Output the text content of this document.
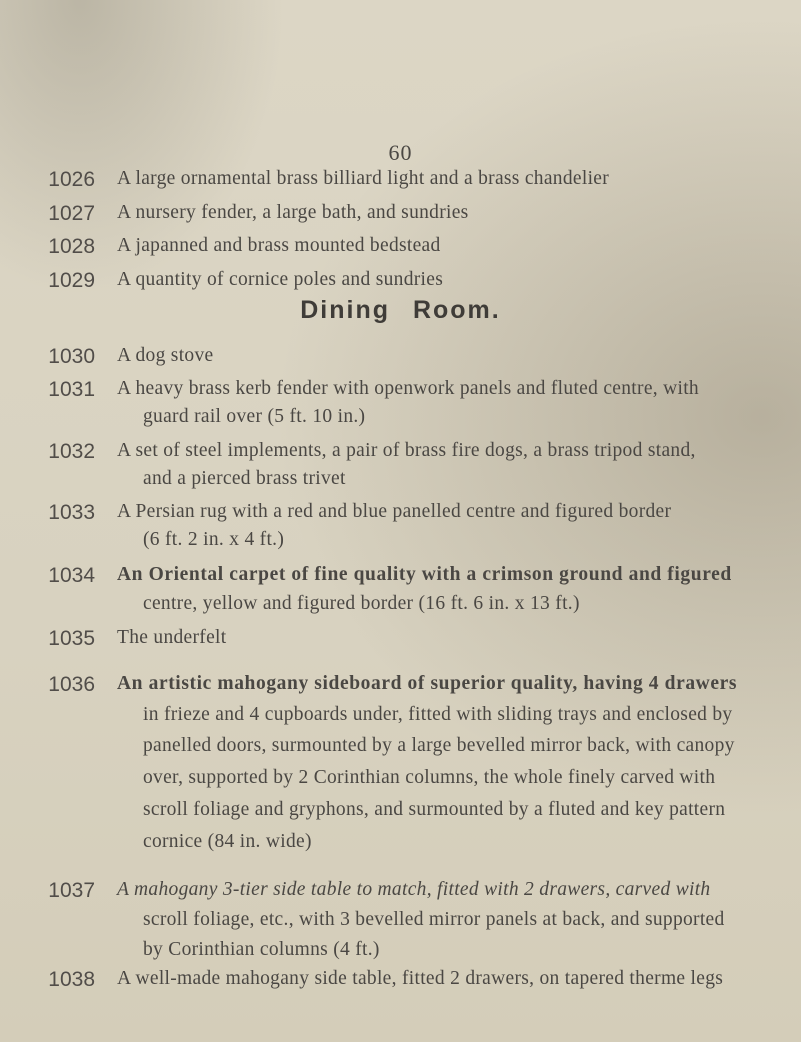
60
1026 A large ornamental brass billiard light and a brass chandelier
1027 A nursery fender, a large bath, and sundries
1028 A japanned and brass mounted bedstead
1029 A quantity of cornice poles and sundries
Dining Room.
1030 A dog stove
1031 A heavy brass kerb fender with openwork panels and fluted centre, with
guard rail over (5 ft. 10 in.)
1032 A set of steel implements, a pair of brass fire dogs, a brass tripod stand,
and a pierced brass trivet
1033 A Persian rug with a red and blue panelled centre and figured border
(6 ft. 2 in. x 4 ft.)
1034 An Oriental carpet of fine quality with a crimson ground and figured
centre, yellow and figured border (16 ft. 6 in. x 13 ft.)
1035 The underfelt
1036 An artistic mahogany sideboard of superior quality, having 4 drawers
in frieze and 4 cupboards under, fitted with sliding trays and enclosed by
panelled doors, surmounted by a large bevelled mirror back, with canopy
over, supported by 2 Corinthian columns, the whole finely carved with
scroll foliage and gryphons, and surmounted by a fluted and key pattern
cornice (84 in. wide)
1037 A mahogany 3-tier side table to match, fitted with 2 drawers, carved with
scroll foliage, etc., with 3 bevelled mirror panels at back, and supported
by Corinthian columns (4 ft.)
1038 A well-made mahogany side table, fitted 2 drawers, on tapered therme legs
